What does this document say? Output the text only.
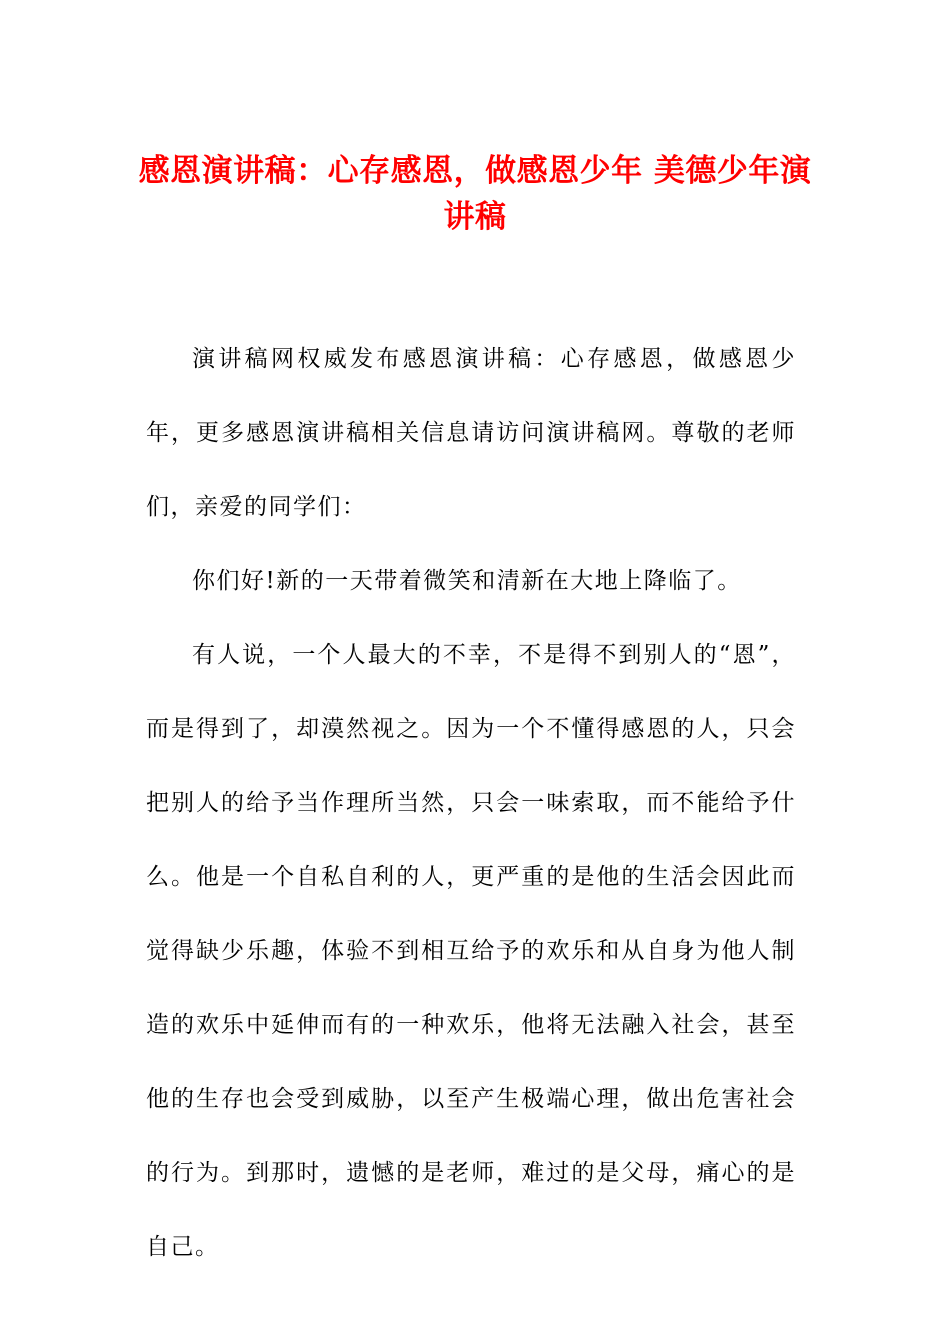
感恩演讲稿：心存感恩，做感恩少年 美德少年演讲稿

演讲稿网权威发布感恩演讲稿：心存感恩，做感恩少年，更多感恩演讲稿相关信息请访问演讲稿网。尊敬的老师们，亲爱的同学们：

你们好!新的一天带着微笑和清新在大地上降临了。

有人说，一个人最大的不幸，不是得不到别人的“恩”，而是得到了，却漠然视之。因为一个不懂得感恩的人，只会把别人的给予当作理所当然，只会一味索取，而不能给予什么。他是一个自私自利的人，更严重的是他的生活会因此而觉得缺少乐趣，体验不到相互给予的欢乐和从自身为他人制造的欢乐中延伸而有的一种欢乐，他将无法融入社会，甚至他的生存也会受到威胁，以至产生极端心理，做出危害社会的行为。到那时，遗憾的是老师，难过的是父母，痛心的是自己。
